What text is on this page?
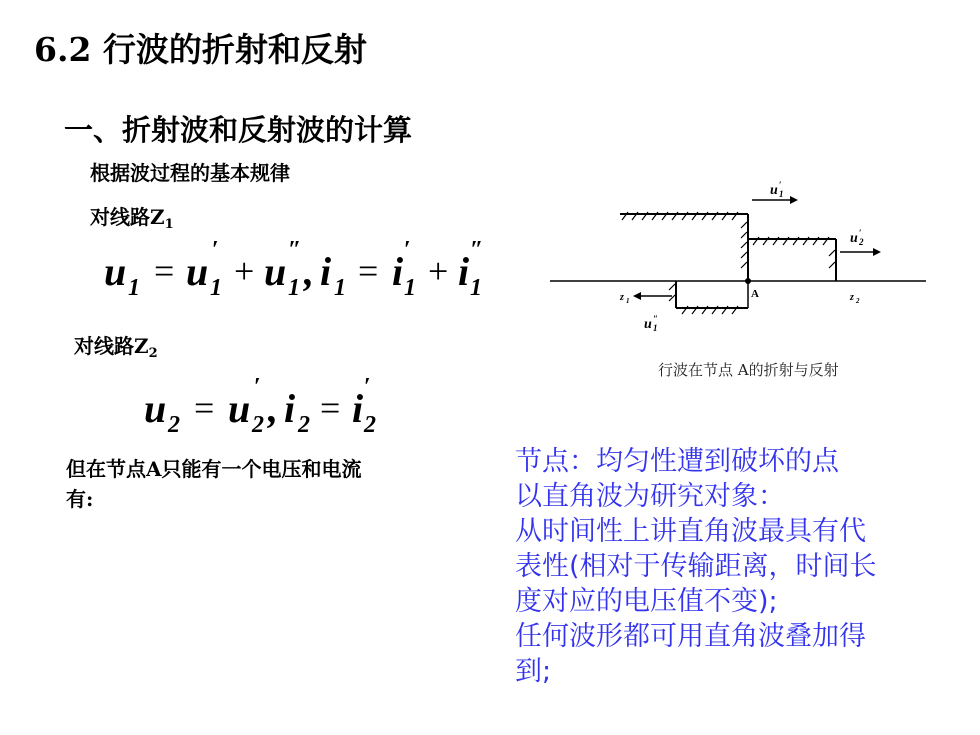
6.2 行波的折射和反射
一、折射波和反射波的计算
根据波过程的基本规律
对线路$Z_1$
u 1 = u ′
1 + u ″
1 , i 1 = i ′
1 + i ″
1
对线路$Z_2$
u 2 = u ′
2 , i 2 = i ′
2
但在节点A只能有一个电压和电流
有:
u ′
1
u ′
2
u ″
1
z 1	z 2
A
行波在节点 A的折射与反射
节点：均匀性遭到破坏的点
以直角波为研究对象：
从时间性上讲直角波最具有代
表性(相对于传输距离，时间长
度对应的电压值不变);
任何波形都可用直角波叠加得
到;
